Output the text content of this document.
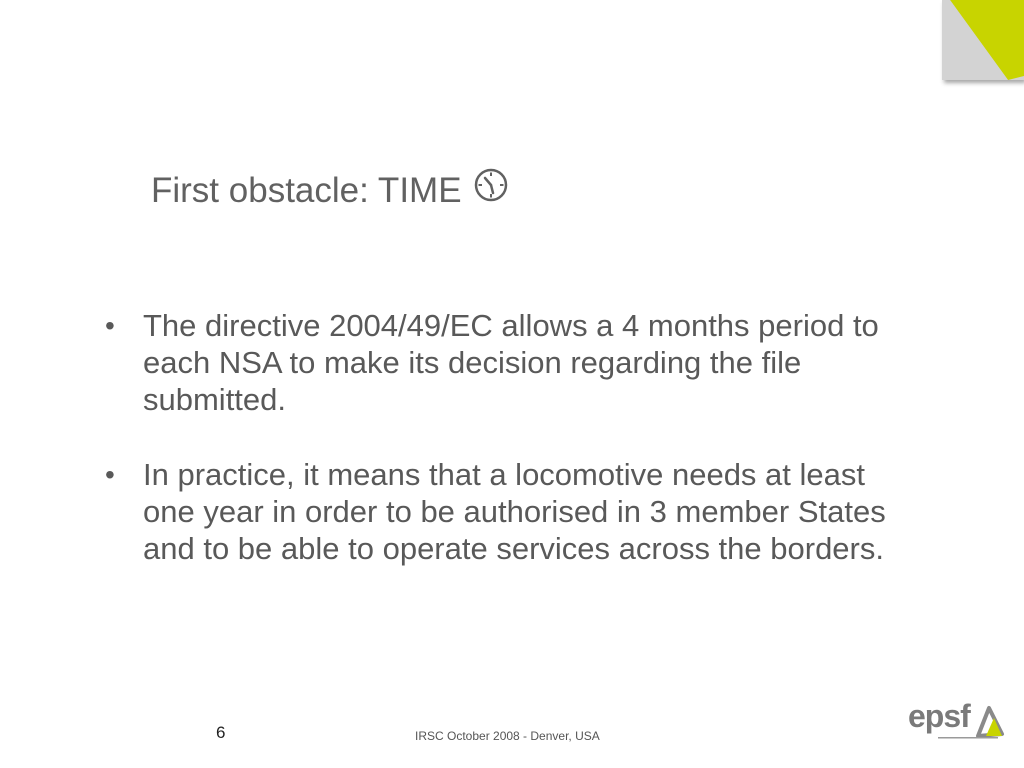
First obstacle: TIME
• The directive 2004/49/EC allows a 4 months period to each NSA to make its decision regarding the file submitted.
• In practice, it means that a locomotive needs at least one year in order to be authorised in 3 member States and to be able to operate services across the borders.
6	IRSC October 2008 - Denver, USA
epsf
